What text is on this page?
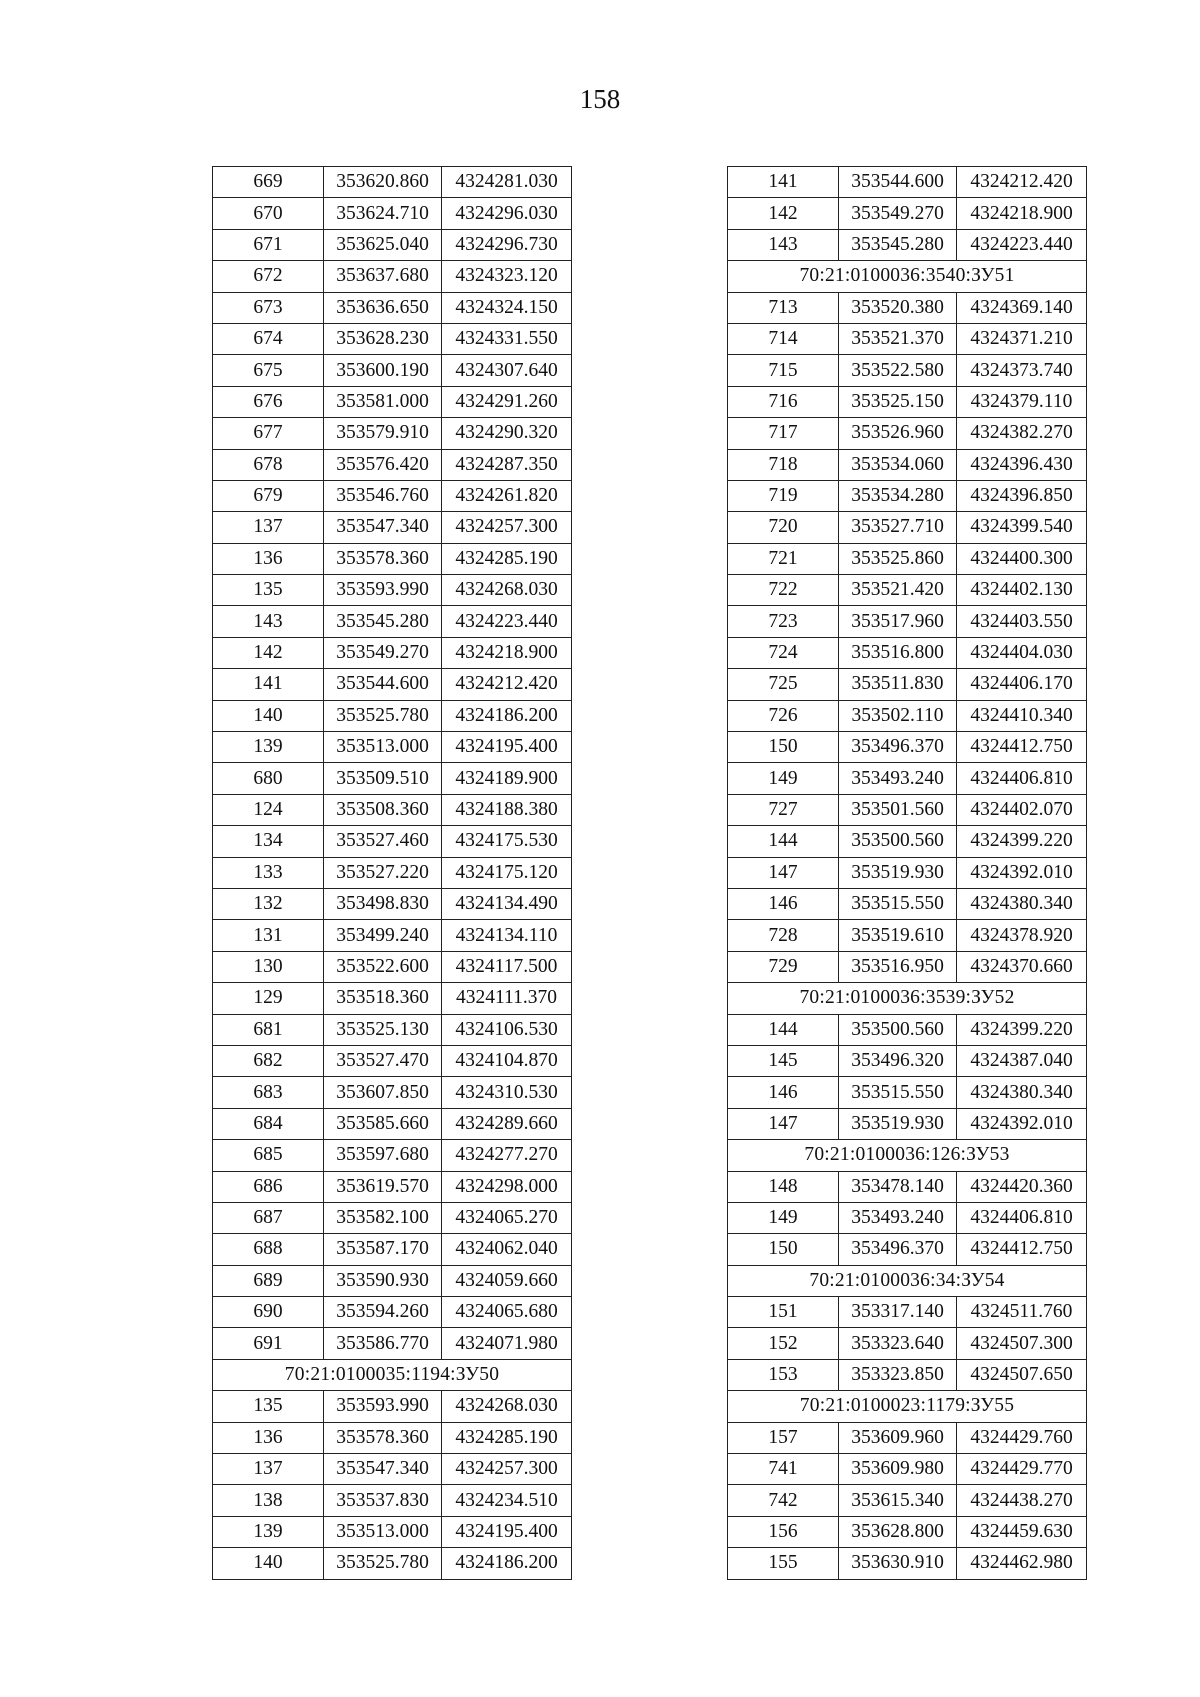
158
669	353620.860	4324281.030
670	353624.710	4324296.030
671	353625.040	4324296.730
672	353637.680	4324323.120
673	353636.650	4324324.150
674	353628.230	4324331.550
675	353600.190	4324307.640
676	353581.000	4324291.260
677	353579.910	4324290.320
678	353576.420	4324287.350
679	353546.760	4324261.820
137	353547.340	4324257.300
136	353578.360	4324285.190
135	353593.990	4324268.030
143	353545.280	4324223.440
142	353549.270	4324218.900
141	353544.600	4324212.420
140	353525.780	4324186.200
139	353513.000	4324195.400
680	353509.510	4324189.900
124	353508.360	4324188.380
134	353527.460	4324175.530
133	353527.220	4324175.120
132	353498.830	4324134.490
131	353499.240	4324134.110
130	353522.600	4324117.500
129	353518.360	4324111.370
681	353525.130	4324106.530
682	353527.470	4324104.870
683	353607.850	4324310.530
684	353585.660	4324289.660
685	353597.680	4324277.270
686	353619.570	4324298.000
687	353582.100	4324065.270
688	353587.170	4324062.040
689	353590.930	4324059.660
690	353594.260	4324065.680
691	353586.770	4324071.980
70:21:0100035:1194:ЗУ50		
135	353593.990	4324268.030
136	353578.360	4324285.190
137	353547.340	4324257.300
138	353537.830	4324234.510
139	353513.000	4324195.400
140	353525.780	4324186.200
141	353544.600	4324212.420
142	353549.270	4324218.900
143	353545.280	4324223.440
70:21:0100036:3540:ЗУ51		
713	353520.380	4324369.140
714	353521.370	4324371.210
715	353522.580	4324373.740
716	353525.150	4324379.110
717	353526.960	4324382.270
718	353534.060	4324396.430
719	353534.280	4324396.850
720	353527.710	4324399.540
721	353525.860	4324400.300
722	353521.420	4324402.130
723	353517.960	4324403.550
724	353516.800	4324404.030
725	353511.830	4324406.170
726	353502.110	4324410.340
150	353496.370	4324412.750
149	353493.240	4324406.810
727	353501.560	4324402.070
144	353500.560	4324399.220
147	353519.930	4324392.010
146	353515.550	4324380.340
728	353519.610	4324378.920
729	353516.950	4324370.660
70:21:0100036:3539:ЗУ52		
144	353500.560	4324399.220
145	353496.320	4324387.040
146	353515.550	4324380.340
147	353519.930	4324392.010
70:21:0100036:126:ЗУ53		
148	353478.140	4324420.360
149	353493.240	4324406.810
150	353496.370	4324412.750
70:21:0100036:34:ЗУ54		
151	353317.140	4324511.760
152	353323.640	4324507.300
153	353323.850	4324507.650
70:21:0100023:1179:ЗУ55		
157	353609.960	4324429.760
741	353609.980	4324429.770
742	353615.340	4324438.270
156	353628.800	4324459.630
155	353630.910	4324462.980
